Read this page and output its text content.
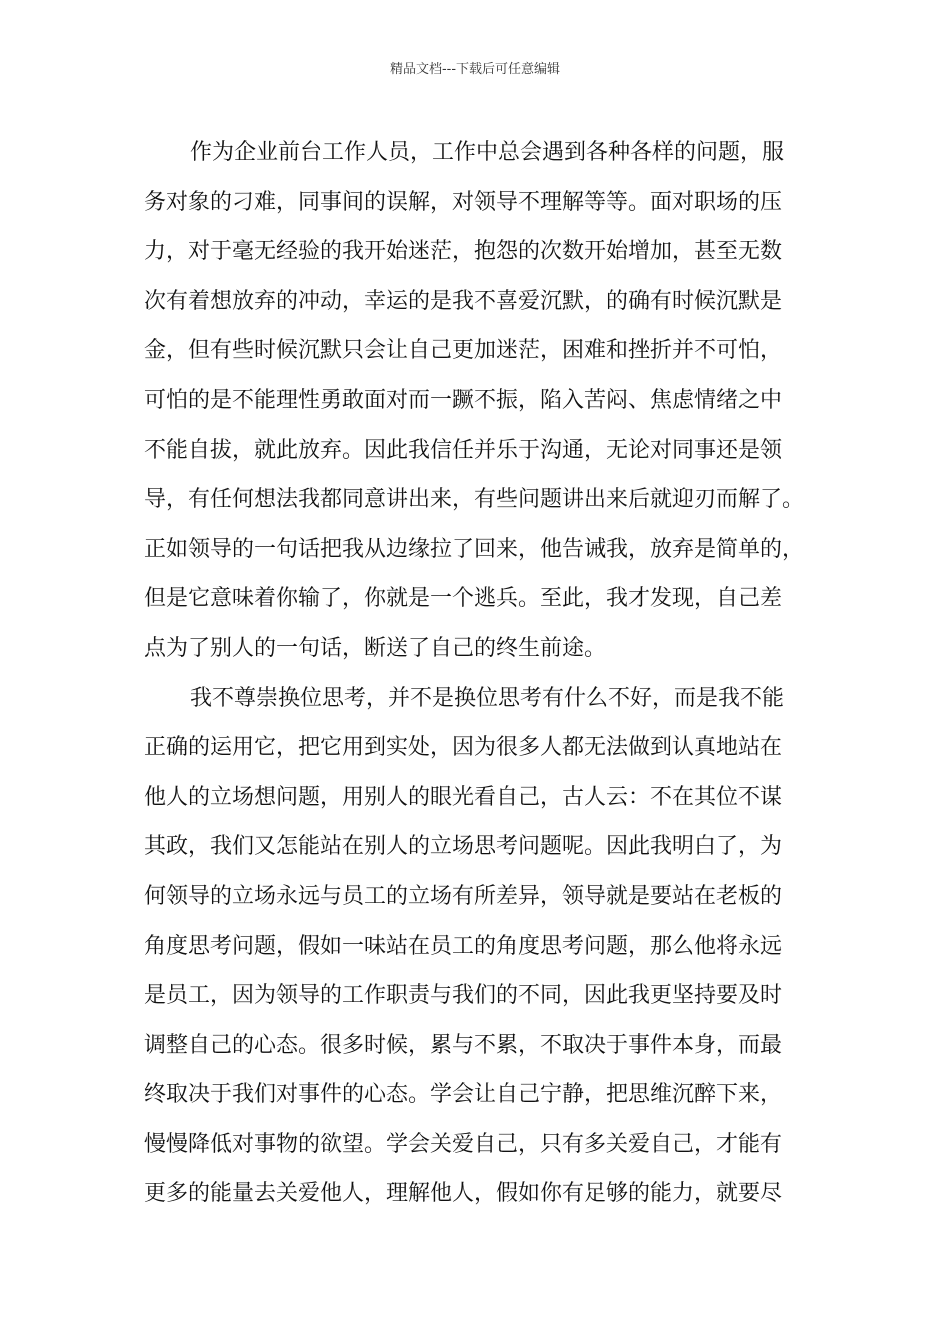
精品文档---下载后可任意编辑
作为企业前台工作人员，工作中总会遇到各种各样的问题，服
务对象的刁难，同事间的误解，对领导不理解等等。面对职场的压
力，对于毫无经验的我开始迷茫，抱怨的次数开始增加，甚至无数
次有着想放弃的冲动，幸运的是我不喜爱沉默，的确有时候沉默是
金，但有些时候沉默只会让自己更加迷茫，困难和挫折并不可怕，
可怕的是不能理性勇敢面对而一蹶不振，陷入苦闷、焦虑情绪之中
不能自拔，就此放弃。因此我信任并乐于沟通，无论对同事还是领
导，有任何想法我都同意讲出来，有些问题讲出来后就迎刃而解了。
正如领导的一句话把我从边缘拉了回来，他告诫我，放弃是简单的，
但是它意味着你输了，你就是一个逃兵。至此，我才发现，自己差
点为了别人的一句话，断送了自己的终生前途。
我不尊崇换位思考，并不是换位思考有什么不好，而是我不能
正确的运用它，把它用到实处，因为很多人都无法做到认真地站在
他人的立场想问题，用别人的眼光看自己，古人云：不在其位不谋
其政，我们又怎能站在别人的立场思考问题呢。因此我明白了，为
何领导的立场永远与员工的立场有所差异，领导就是要站在老板的
角度思考问题，假如一味站在员工的角度思考问题，那么他将永远
是员工，因为领导的工作职责与我们的不同，因此我更坚持要及时
调整自己的心态。很多时候，累与不累，不取决于事件本身，而最
终取决于我们对事件的心态。学会让自己宁静，把思维沉醉下来，
慢慢降低对事物的欲望。学会关爱自己，只有多关爱自己，才能有
更多的能量去关爱他人，理解他人，假如你有足够的能力，就要尽
